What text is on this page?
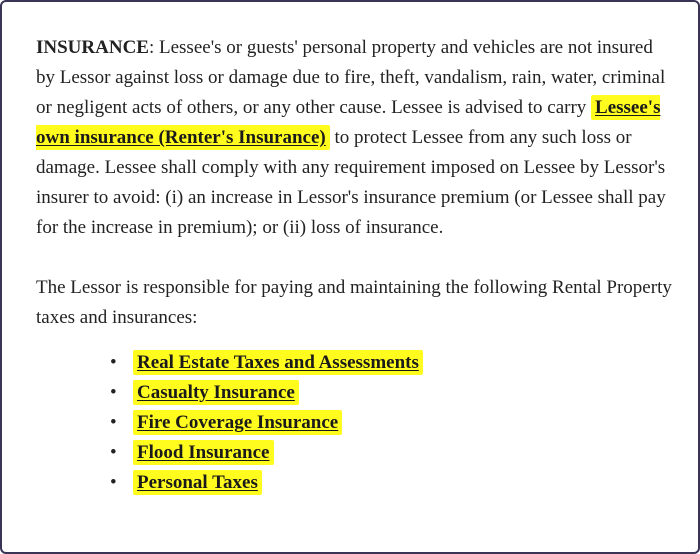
INSURANCE: Lessee's or guests' personal property and vehicles are not insured by Lessor against loss or damage due to fire, theft, vandalism, rain, water, criminal or negligent acts of others, or any other cause. Lessee is advised to carry Lessee's own insurance (Renter's Insurance) to protect Lessee from any such loss or damage. Lessee shall comply with any requirement imposed on Lessee by Lessor's insurer to avoid: (i) an increase in Lessor's insurance premium (or Lessee shall pay for the increase in premium); or (ii) loss of insurance.

The Lessor is responsible for paying and maintaining the following Rental Property taxes and insurances:

• Real Estate Taxes and Assessments
• Casualty Insurance
• Fire Coverage Insurance
• Flood Insurance
• Personal Taxes
